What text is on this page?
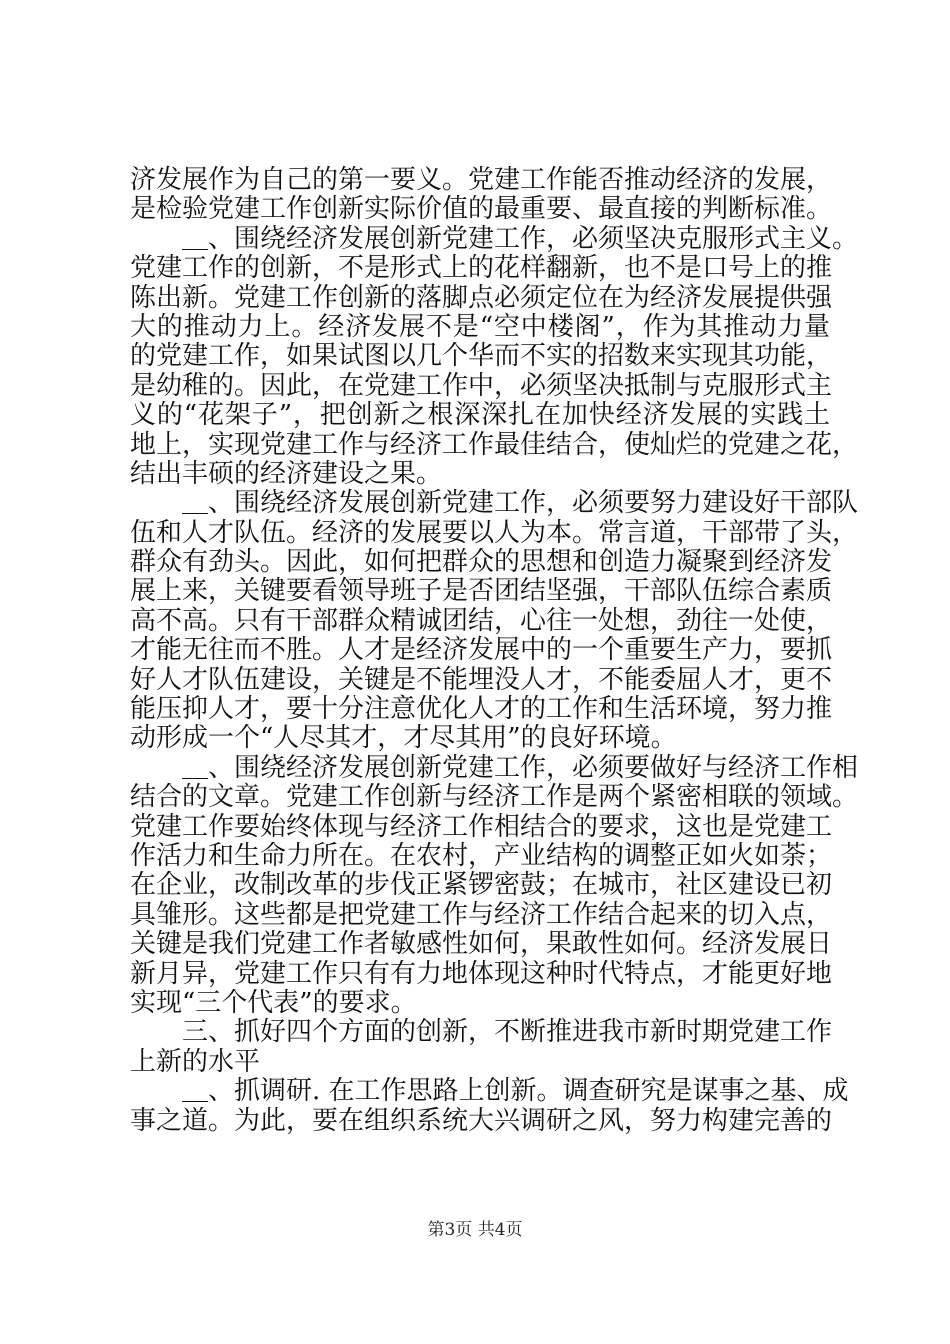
济发展作为自己的第一要义。党建工作能否推动经济的发展，
是检验党建工作创新实际价值的最重要、最直接的判断标准。
＿、围绕经济发展创新党建工作，必须坚决克服形式主义。
党建工作的创新，不是形式上的花样翻新，也不是口号上的推
陈出新。党建工作创新的落脚点必须定位在为经济发展提供强
大的推动力上。经济发展不是“空中楼阁”，作为其推动力量
的党建工作，如果试图以几个华而不实的招数来实现其功能，
是幼稚的。因此，在党建工作中，必须坚决抵制与克服形式主
义的“花架子”，把创新之根深深扎在加快经济发展的实践土
地上，实现党建工作与经济工作最佳结合，使灿烂的党建之花，
结出丰硕的经济建设之果。
＿、围绕经济发展创新党建工作，必须要努力建设好干部队
伍和人才队伍。经济的发展要以人为本。常言道，干部带了头，
群众有劲头。因此，如何把群众的思想和创造力凝聚到经济发
展上来，关键要看领导班子是否团结坚强，干部队伍综合素质
高不高。只有干部群众精诚团结，心往一处想，劲往一处使，
才能无往而不胜。人才是经济发展中的一个重要生产力，要抓
好人才队伍建设，关键是不能埋没人才，不能委屈人才，更不
能压抑人才，要十分注意优化人才的工作和生活环境，努力推
动形成一个“人尽其才，才尽其用”的良好环境。
＿、围绕经济发展创新党建工作，必须要做好与经济工作相
结合的文章。党建工作创新与经济工作是两个紧密相联的领域。
党建工作要始终体现与经济工作相结合的要求，这也是党建工
作活力和生命力所在。在农村，产业结构的调整正如火如荼；
在企业，改制改革的步伐正紧锣密鼓；在城市，社区建设已初
具雏形。这些都是把党建工作与经济工作结合起来的切入点，
关键是我们党建工作者敏感性如何，果敢性如何。经济发展日
新月异，党建工作只有有力地体现这种时代特点，才能更好地
实现“三个代表”的要求。
三、抓好四个方面的创新，不断推进我市新时期党建工作
上新的水平
＿、抓调研. 在工作思路上创新。调查研究是谋事之基、成
事之道。为此，要在组织系统大兴调研之风，努力构建完善的
第3页 共4页
